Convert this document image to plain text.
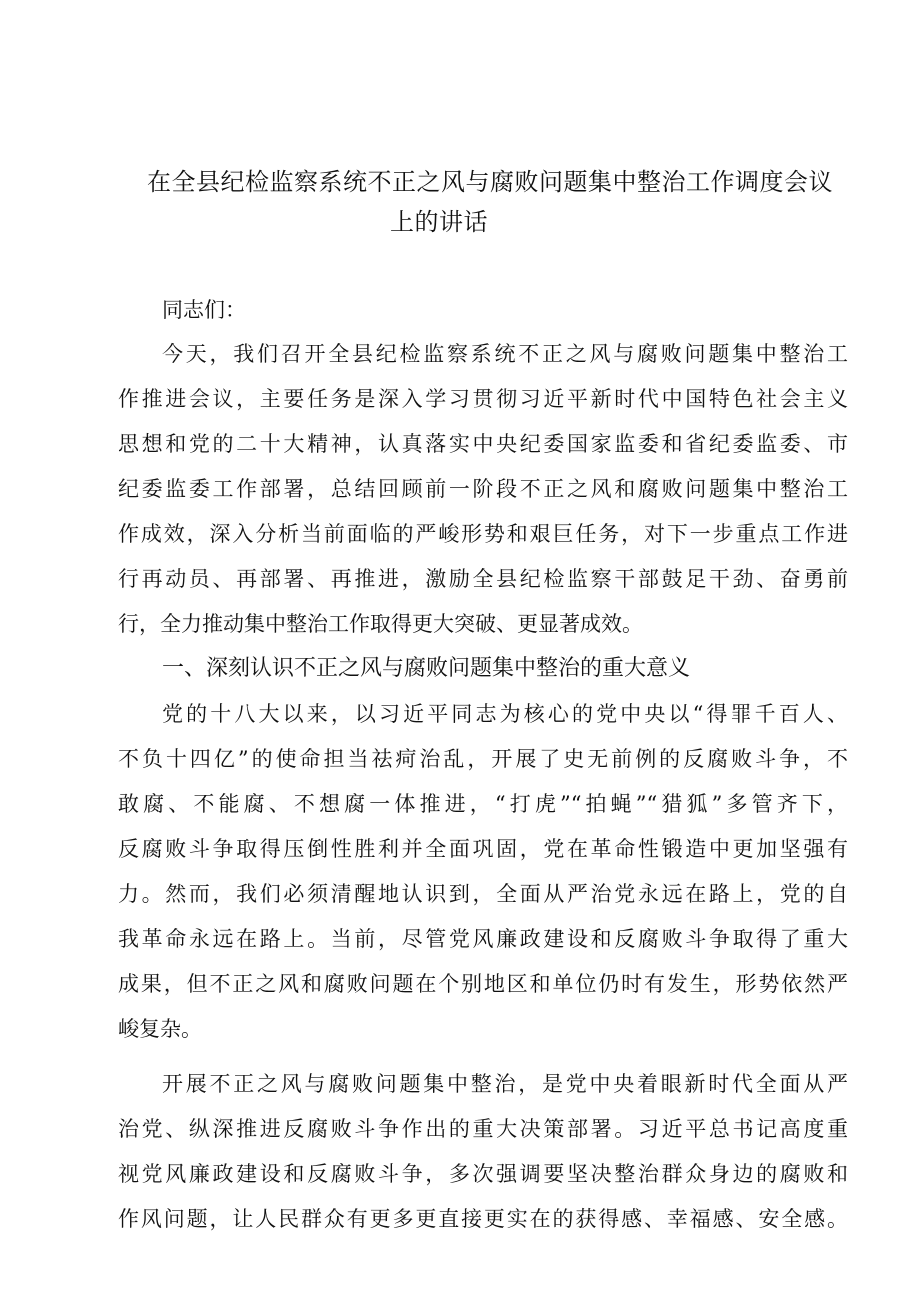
在全县纪检监察系统不正之风与腐败问题集中整治工作调度会议
上的讲话
同志们：
今天，我们召开全县纪检监察系统不正之风与腐败问题集中整治工
作推进会议，主要任务是深入学习贯彻习近平新时代中国特色社会主义
思想和党的二十大精神，认真落实中央纪委国家监委和省纪委监委、市
纪委监委工作部署，总结回顾前一阶段不正之风和腐败问题集中整治工
作成效，深入分析当前面临的严峻形势和艰巨任务，对下一步重点工作进
行再动员、再部署、再推进，激励全县纪检监察干部鼓足干劲、奋勇前
行，全力推动集中整治工作取得更大突破、更显著成效。
一、深刻认识不正之风与腐败问题集中整治的重大意义
党的十八大以来，以习近平同志为核心的党中央以“得罪千百人、
不负十四亿”的使命担当祛疴治乱，开展了史无前例的反腐败斗争，不
敢腐、不能腐、不想腐一体推进，“打虎”“拍蝇”“猎狐”多管齐下，
反腐败斗争取得压倒性胜利并全面巩固，党在革命性锻造中更加坚强有
力。然而，我们必须清醒地认识到，全面从严治党永远在路上，党的自
我革命永远在路上。当前，尽管党风廉政建设和反腐败斗争取得了重大
成果，但不正之风和腐败问题在个别地区和单位仍时有发生，形势依然严
峻复杂。
开展不正之风与腐败问题集中整治，是党中央着眼新时代全面从严
治党、纵深推进反腐败斗争作出的重大决策部署。习近平总书记高度重
视党风廉政建设和反腐败斗争，多次强调要坚决整治群众身边的腐败和
作风问题，让人民群众有更多更直接更实在的获得感、幸福感、安全感。
